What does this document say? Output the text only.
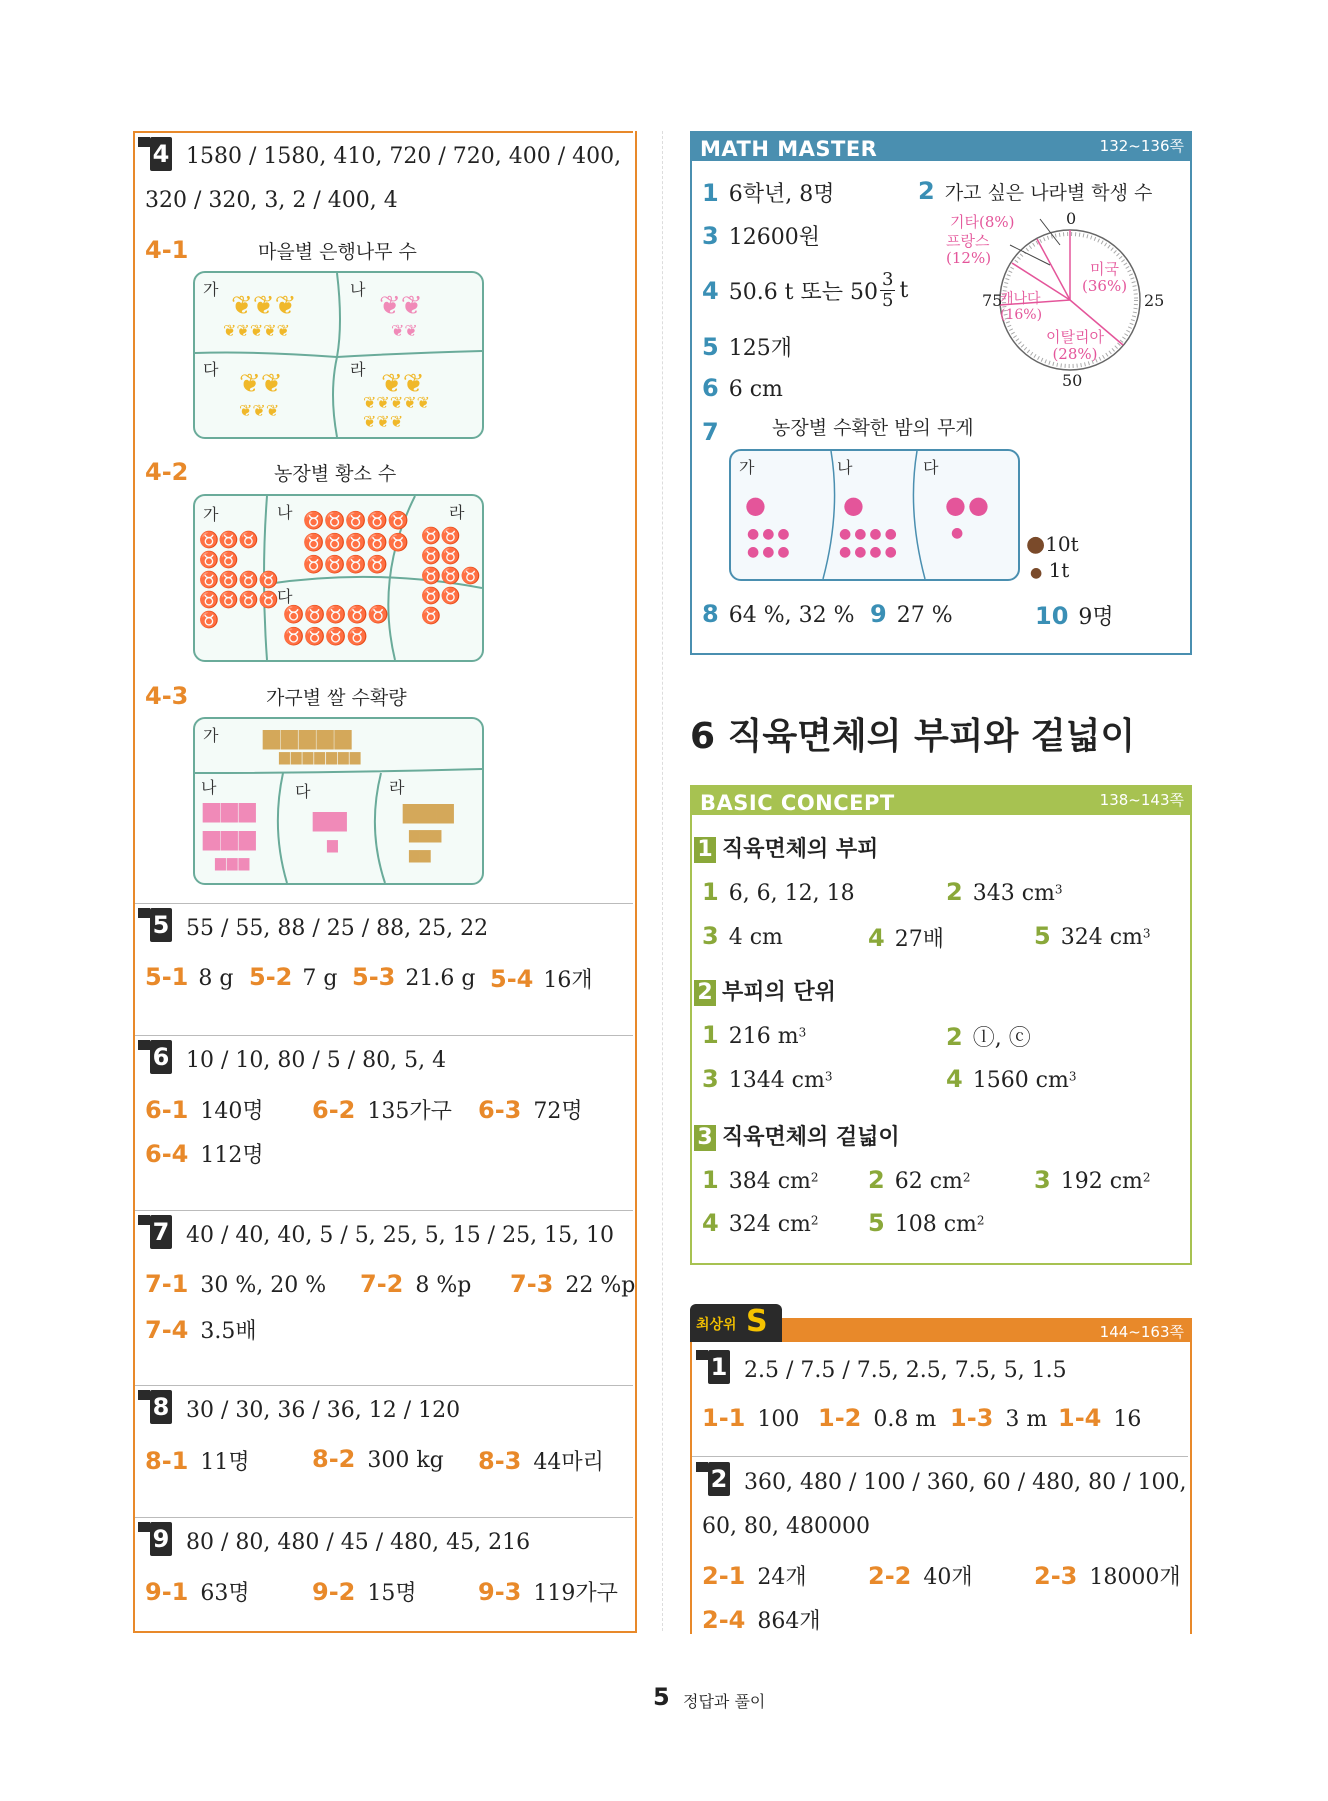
4 1580 / 1580, 410, 720 / 720, 400 / 400,
320 / 320, 3, 2 / 400, 4
4-1	마을별 은행나무 수
가	나
다	라
❦❦❦
❦❦❦❦❦
❦❦
❦❦
❦❦
❦❦❦
❦❦
❦❦❦❦❦
❦❦❦
4-2	농장별 황소 수
가	나	라
다
♉♉♉
♉♉
♉♉♉♉
♉♉♉♉
♉
♉♉♉♉♉
♉♉♉♉♉
♉♉♉♉
♉♉
♉♉
♉♉♉
♉♉
♉
♉♉♉♉♉
♉♉♉♉
4-3	가구별 쌀 수확량
가
나	다	라
▆▆▆▆▆
▆▆▆▆▆▆▆
▆▆▆
▆▆▆
▆▆▆
▆▆
▆
▆▆▆
▆▆▆
▆▆
5 55 / 55, 88 / 25 / 88, 25, 22
5-1 8 g 5-2 7 g 5-3 21.6 g 5-4 16개
6 10 / 10, 80 / 5 / 80, 5, 4
6-1 140명 6-2 135가구 6-3 72명
6-4 112명
7 40 / 40, 40, 5 / 5, 25, 5, 15 / 25, 15, 10
7-1 30 %, 20 % 7-2 8 %p 7-3 22 %p
7-4 3.5배
8 30 / 30, 36 / 36, 12 / 120
8-1 11명	8-2 300 kg 8-3 44마리
9 80 / 80, 480 / 45 / 480, 45, 216
9-1 63명	9-2 15명	9-3 119가구
MATH MASTER	132~136쪽
1 6학년, 8명	2 가고 싶은 나라별 학생 수
0
25
50
75
기타(8%)
프랑스
(12%)
미국
(36%)
캐나다
(16%)
이탈리아
(28%)
3 12600원
4 50.6 t 또는 $50 \frac{3}{5}$ t
5 125개
6 6 cm
7	농장별 수확한 밤의 무게
가	나	다
●
●●●
●●●
●
●●●●
●●●●
●●
●	●10t
● 1t
8 64 %, 32 % 9 27 %	10 9명
6 직육면체의 부피와 겉넓이
BASIC CONCEPT	138~143쪽
1 직육면체의 부피
1 6, 6, 12, 18	2 343 $cm^3$
3 4 cm	4 27배	5 324 $cm^3$
2 부피의 단위
1 216 $m^3$	2 ⓛ, ⓒ
3 1344 $cm^3$	4 1560 $cm^3$
3 직육면체의 겉넓이
1 384 $cm^2$ 2 62 $cm^2$	3 192 $cm^2$
4 324 $cm^2$ 5 108 $cm^2$
최상위 S	144~163쪽
1 2.5 / 7.5 / 7.5, 2.5, 7.5, 5, 1.5
1-1 100 1-2 0.8 m 1-3 3 m 1-4 16
2 360, 480 / 100 / 360, 60 / 480, 80 / 100,
60, 80, 480000
2-1 24개	2-2 40개	2-3 18000개
2-4 864개
5 정답과 풀이
